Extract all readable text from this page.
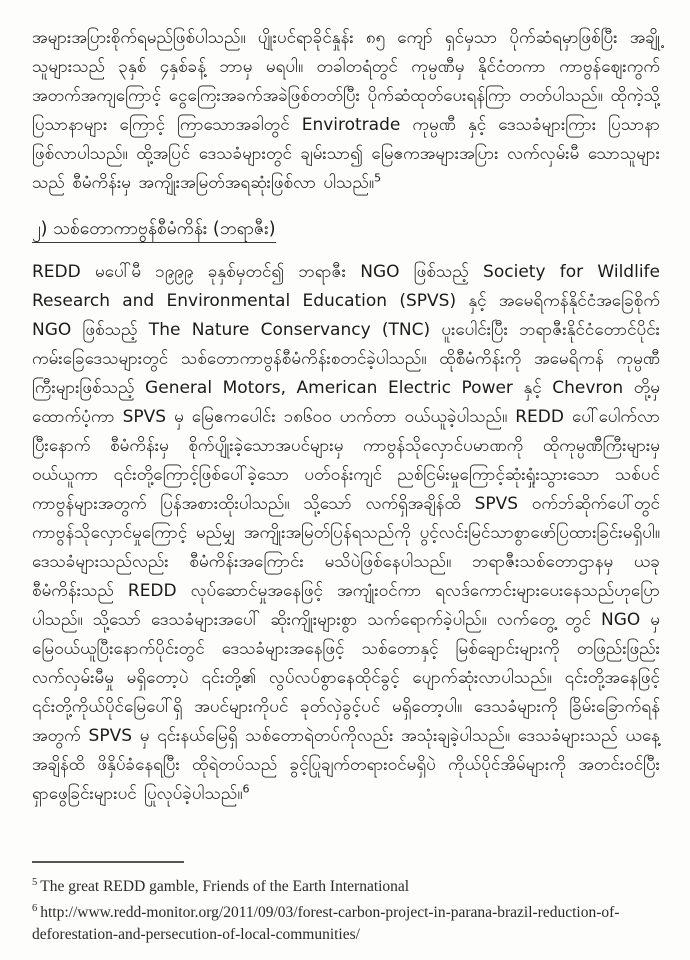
အများအပြားစိုက်ရမည်ဖြစ်ပါသည်။ ပျိုးပင်ရာခိုင်နှုန်း ၈၅ ကျော် ရှင်မှသာ ပိုက်ဆံရမှာဖြစ်ပြီး အချို့သူများသည် ၃နှစ် ၄နှစ်ခန့် ဘာမှ မရပါ။ တခါတရံတွင် ကုမ္ပဏီမှ နိုင်ငံတကာ ကာဗွန်ဈေးကွက်အတက်အကျကြောင့် ငွေကြေးအခက်အခဲဖြစ်တတ်ပြီး ပိုက်ဆံထုတ်ပေးရန်ကြာ တတ်ပါသည်။ ထိုကဲ့သို့ ပြသာနာများ ကြောင့် ကြာသောအခါတွင် Envirotrade ကုမ္ပဏီ နှင့် ဒေသခံများကြား ပြသာနာဖြစ်လာပါသည်။ ထို့အပြင် ဒေသခံများတွင် ချမ်းသာ၍ မြေဧကအများအပြား လက်လှမ်းမီ သောသူများသည် စီမံကိန်းမှ အကျိုးအမြတ်အရဆုံးဖြစ်လာ ပါသည်။$^5$

၂) သစ်တောကာဗွန်စီမံကိန်း (ဘရာဇီး)

REDD မပေါ်မီ ၁၉၉၉ ခုနှစ်မှတင်၍ ဘရာဇီး NGO ဖြစ်သည့် Society for Wildlife Research and Environmental Education (SPVS) နှင့် အမေရိကန်နိုင်ငံအခြေစိုက် NGO ဖြစ်သည့် The Nature Conservancy (TNC) ပူးပေါင်းပြီး ဘရာဇီးနိုင်ငံတောင်ပိုင်း ကမ်းခြေဒေသများတွင် သစ်တောကာဗွန်စီမံကိန်းစတင်ခဲ့ပါသည်။ ထိုစီမံကိန်းကို အမေရိကန် ကုမ္ပဏီကြီးများဖြစ်သည့် General Motors, American Electric Power နှင့် Chevron တို့မှ ထောက်ပံ့ကာ SPVS မှ မြေဧကပေါင်း ၁၈၆၀၀ ဟက်တာ ဝယ်ယူခဲ့ပါသည်။ REDD ပေါ်ပေါက်လာပြီးနောက် စီမံကိန်းမှ စိုက်ပျိုးခဲ့သောအပင်များမှ ကာဗွန်သိုလှောင်ပမာဏကို ထိုကုမ္ပဏီကြီးများမှ ဝယ်ယူကာ ၎င်းတို့ကြောင့်ဖြစ်ပေါ်ခဲ့သော ပတ်ဝန်းကျင် ညစ်ငြမ်းမှုကြောင့်ဆုံးရှုံးသွားသော သစ်ပင်ကာဗွန်များအတွက် ပြန်အစားထိုးပါသည်။ သို့သော် လက်ရှိအချိန်ထိ SPVS ဝက်ဘ်ဆိုက်ပေါ်တွင် ကာဗွန်သိုလှောင်မှုကြောင့် မည်မျှ အကျိုးအမြတ်ပြန်ရသည်ကို ပွင့်လင်းမြင်သာစွာဖော်ပြထားခြင်းမရှိပါ။ ဒေသခံများသည်လည်း စီမံကိန်းအကြောင်း မသိပဲဖြစ်နေပါသည်။ ဘရာဇီးသစ်တောဌာနမှ ယခု စီမံကိန်းသည် REDD လုပ်ဆောင်မှုအနေဖြင့် အကျုံးဝင်ကာ ရလဒ်ကောင်းများပေးနေသည်ဟုပြောပါသည်။ သို့သော် ဒေသခံများအပေါ် ဆိုးကျိုးများစွာ သက်ရောက်ခဲ့ပါည်။ လက်တွေ့ တွင် NGO မှ မြေဝယ်ယူပြီးနောက်ပိုင်းတွင် ဒေသခံများအနေဖြင့် သစ်တောနှင့် မြစ်ချောင်းများကို တဖြည်းဖြည်း လက်လှမ်းမီမှု မရှိတော့ပဲ ၎င်းတို့၏ လွပ်လပ်စွာနေထိုင်ခွင့် ပျောက်ဆုံးလာပါသည်။ ၎င်းတို့အနေဖြင့် ၎င်းတို့ကိုယ်ပိုင်မြေပေါ်ရှိ အပင်များကိုပင် ခုတ်လှဲခွင့်ပင် မရှိတော့ပါ။ ဒေသခံများကို ခြိမ်းခြောက်ရန်အတွက် SPVS မှ ၎င်းနယ်မြေရှိ သစ်တောရဲတပ်ကိုလည်း အသုံးချခဲ့ပါသည်။ ဒေသခံများသည် ယနေ့အချိန်ထိ ဖိနှိပ်ခံနေရပြီး ထိုရဲတပ်သည် ခွင့်ပြုချက်တရားဝင်မရှိပဲ ကိုယ်ပိုင်အိမ်များကို အတင်းဝင်ပြီး ရှာဖွေခြင်းများပင် ပြုလုပ်ခဲ့ပါသည်။$^6$

$^5$ The great REDD gamble, Friends of the Earth International

$^6$ http://www.redd-monitor.org/2011/09/03/forest-carbon-project-in-parana-brazil-reduction-of-deforestation-and-persecution-of-local-communities/
